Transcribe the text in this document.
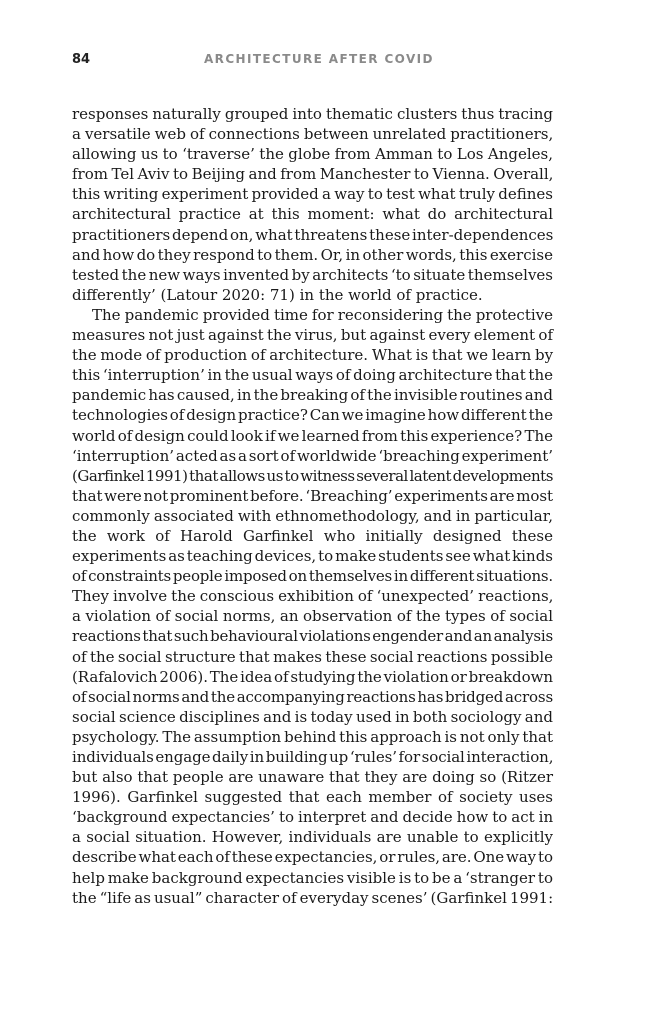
84	ARCHITECTURE AFTER COVID
responses naturally grouped into thematic clusters thus tracing
a versatile web of connections between unrelated practitioners,
allowing us to ‘traverse’ the globe from Amman to Los Angeles,
from Tel Aviv to Beijing and from Manchester to Vienna. Overall,
this writing experiment provided a way to test what truly defines
architectural practice at this moment: what do architectural
practitioners depend on, what threatens these inter-dependences
and how do they respond to them. Or, in other words, this exercise
tested the new ways invented by architects ‘to situate themselves
differently’ (Latour 2020: 71) in the world of practice.
The pandemic provided time for reconsidering the protective
measures not just against the virus, but against every element of
the mode of production of architecture. What is that we learn by
this ‘interruption’ in the usual ways of doing architecture that the
pandemic has caused, in the breaking of the invisible routines and
technologies of design practice? Can we imagine how different the
world of design could look if we learned from this experience? The
‘interruption’ acted as a sort of worldwide ‘breaching experiment’
(Garfinkel 1991) that allows us to witness several latent developments
that were not prominent before. ‘Breaching’ experiments are most
commonly associated with ethnomethodology, and in particular,
the work of Harold Garfinkel who initially designed these
experiments as teaching devices, to make students see what kinds
of constraints people imposed on themselves in different situations.
They involve the conscious exhibition of ‘unexpected’ reactions,
a violation of social norms, an observation of the types of social
reactions that such behavioural violations engender and an analysis
of the social structure that makes these social reactions possible
(Rafalovich 2006). The idea of studying the violation or breakdown
of social norms and the accompanying reactions has bridged across
social science disciplines and is today used in both sociology and
psychology. The assumption behind this approach is not only that
individuals engage daily in building up ‘rules’ for social interaction,
but also that people are unaware that they are doing so (Ritzer
1996). Garfinkel suggested that each member of society uses
‘background expectancies’ to interpret and decide how to act in
a social situation. However, individuals are unable to explicitly
describe what each of these expectancies, or rules, are. One way to
help make background expectancies visible is to be a ‘stranger to
the “life as usual” character of everyday scenes’ (Garfinkel 1991:
